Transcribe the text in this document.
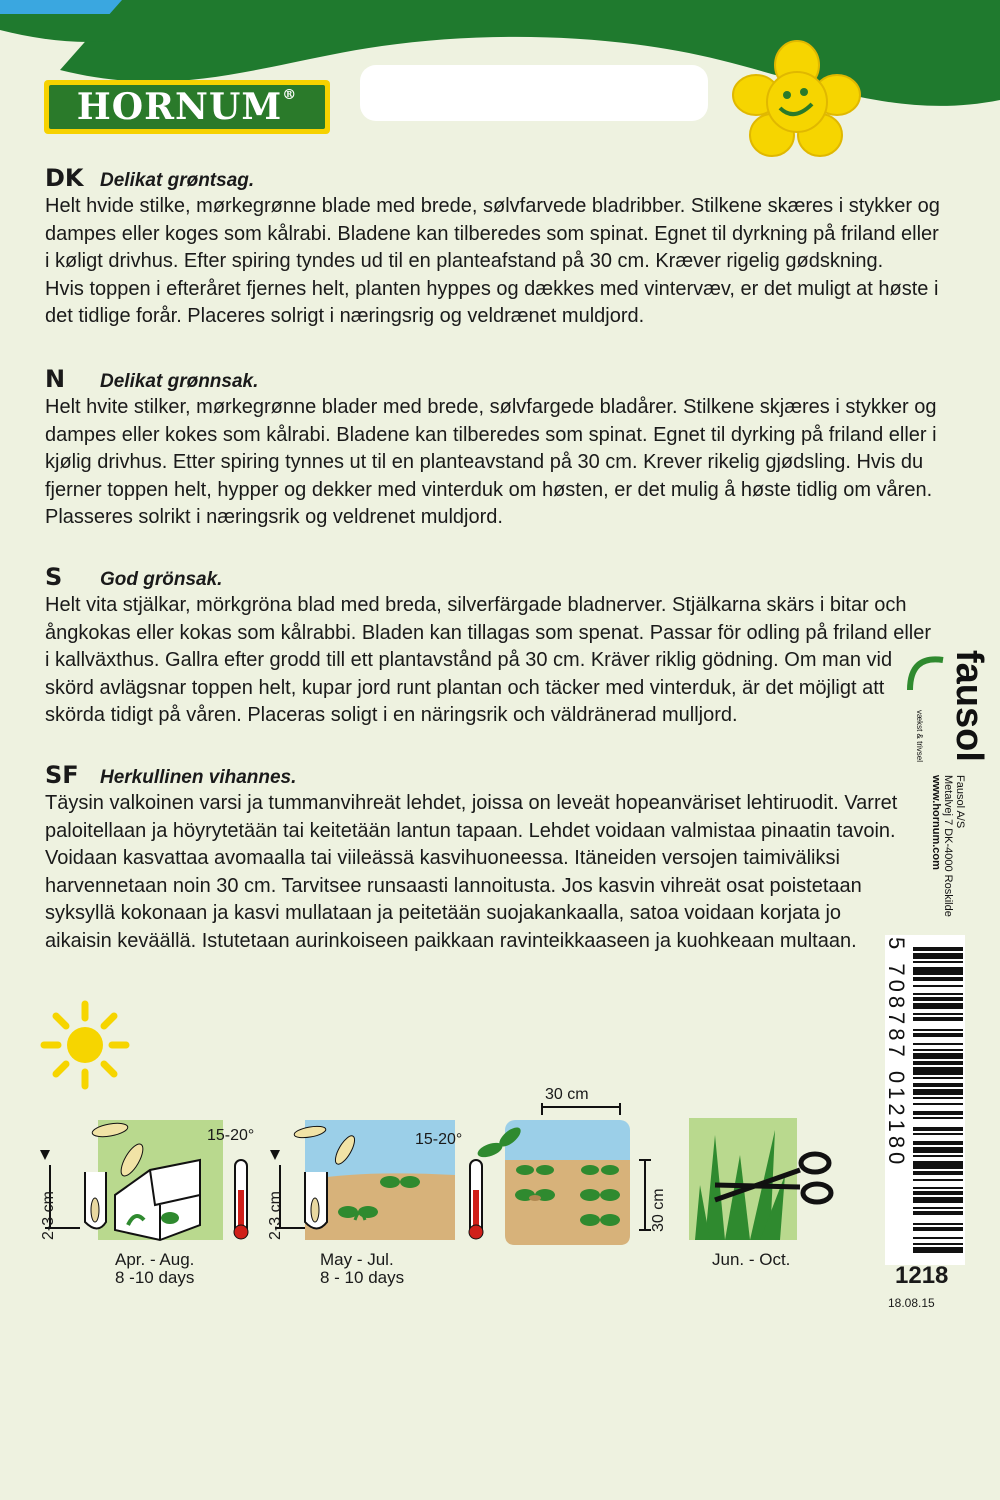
HORNUM®
DK Delikat grøntsag.

Helt hvide stilke, mørkegrønne blade med brede, sølvfarvede bladribber. Stilkene skæres i stykker og

dampes eller koges som kålrabi. Bladene kan tilberedes som spinat. Egnet til dyrkning på friland eller

i køligt drivhus. Efter spiring tyndes ud til en planteafstand på 30 cm. Kræver rigelig gødskning.

Hvis toppen i efteråret fjernes helt, planten hyppes og dækkes med vintervæv, er det muligt at høste i

det tidlige forår. Placeres solrigt i næringsrig og veldrænet muldjord.

N Delikat grønnsak.

Helt hvite stilker, mørkegrønne blader med brede, sølvfargede bladårer. Stilkene skjæres i stykker og

dampes eller kokes som kålrabi. Bladene kan tilberedes som spinat. Egnet til dyrking på friland eller i

kjølig drivhus. Etter spiring tynnes ut til en planteavstand på 30 cm. Krever rikelig gjødsling. Hvis du

fjerner toppen helt, hypper og dekker med vinterduk om høsten, er det mulig å høste tidlig om våren.

Plasseres solrikt i næringsrik og veldrenet muldjord.

S God grönsak.

Helt vita stjälkar, mörkgröna blad med breda, silverfärgade bladnerver. Stjälkarna skärs i bitar och

ångkokas eller kokas som kålrabbi. Bladen kan tillagas som spenat. Passar för odling på friland eller

i kallväxthus. Gallra efter grodd till ett plantavstånd på 30 cm. Kräver riklig gödning. Om man vid

skörd avlägsnar toppen helt, kupar jord runt plantan och täcker med vinterduk, är det möjligt att

skörda tidigt på våren. Placeras soligt i en näringsrik och väldränerad mulljord.

SF Herkullinen vihannes.

Täysin valkoinen varsi ja tummanvihreät lehdet, joissa on leveät hopeanväriset lehtiruodit. Varret

paloitellaan ja höyrytetään tai keitetään lantun tapaan. Lehdet voidaan valmistaa pinaatin tavoin.

Voidaan kasvattaa avomaalla tai viileässä kasvihuoneessa. Itäneiden versojen taimiväliksi

harvennetaan noin 30 cm. Tarvitsee runsaasti lannoitusta. Jos kasvin vihreät osat poistetaan

syksyllä kokonaan ja kasvi mullataan ja peitetään suojakankaalla, satoa voidaan korjata jo

aikaisin keväällä. Istutetaan aurinkoiseen paikkaan ravinteikkaaseen ja kuohkeaan multaan.

15-20°
2-3 cm
Apr. - Aug.
8 -10 days
15-20°
2-3 cm
May - Jul.
8 - 10 days
30 cm
30 cm
Jun. - Oct.
fausol
vækst & trivsel
Fausol A/S
Metalvej 7 DK-4000 Roskilde
www.hornum.com
5 708787 012180
1218
18.08.15
